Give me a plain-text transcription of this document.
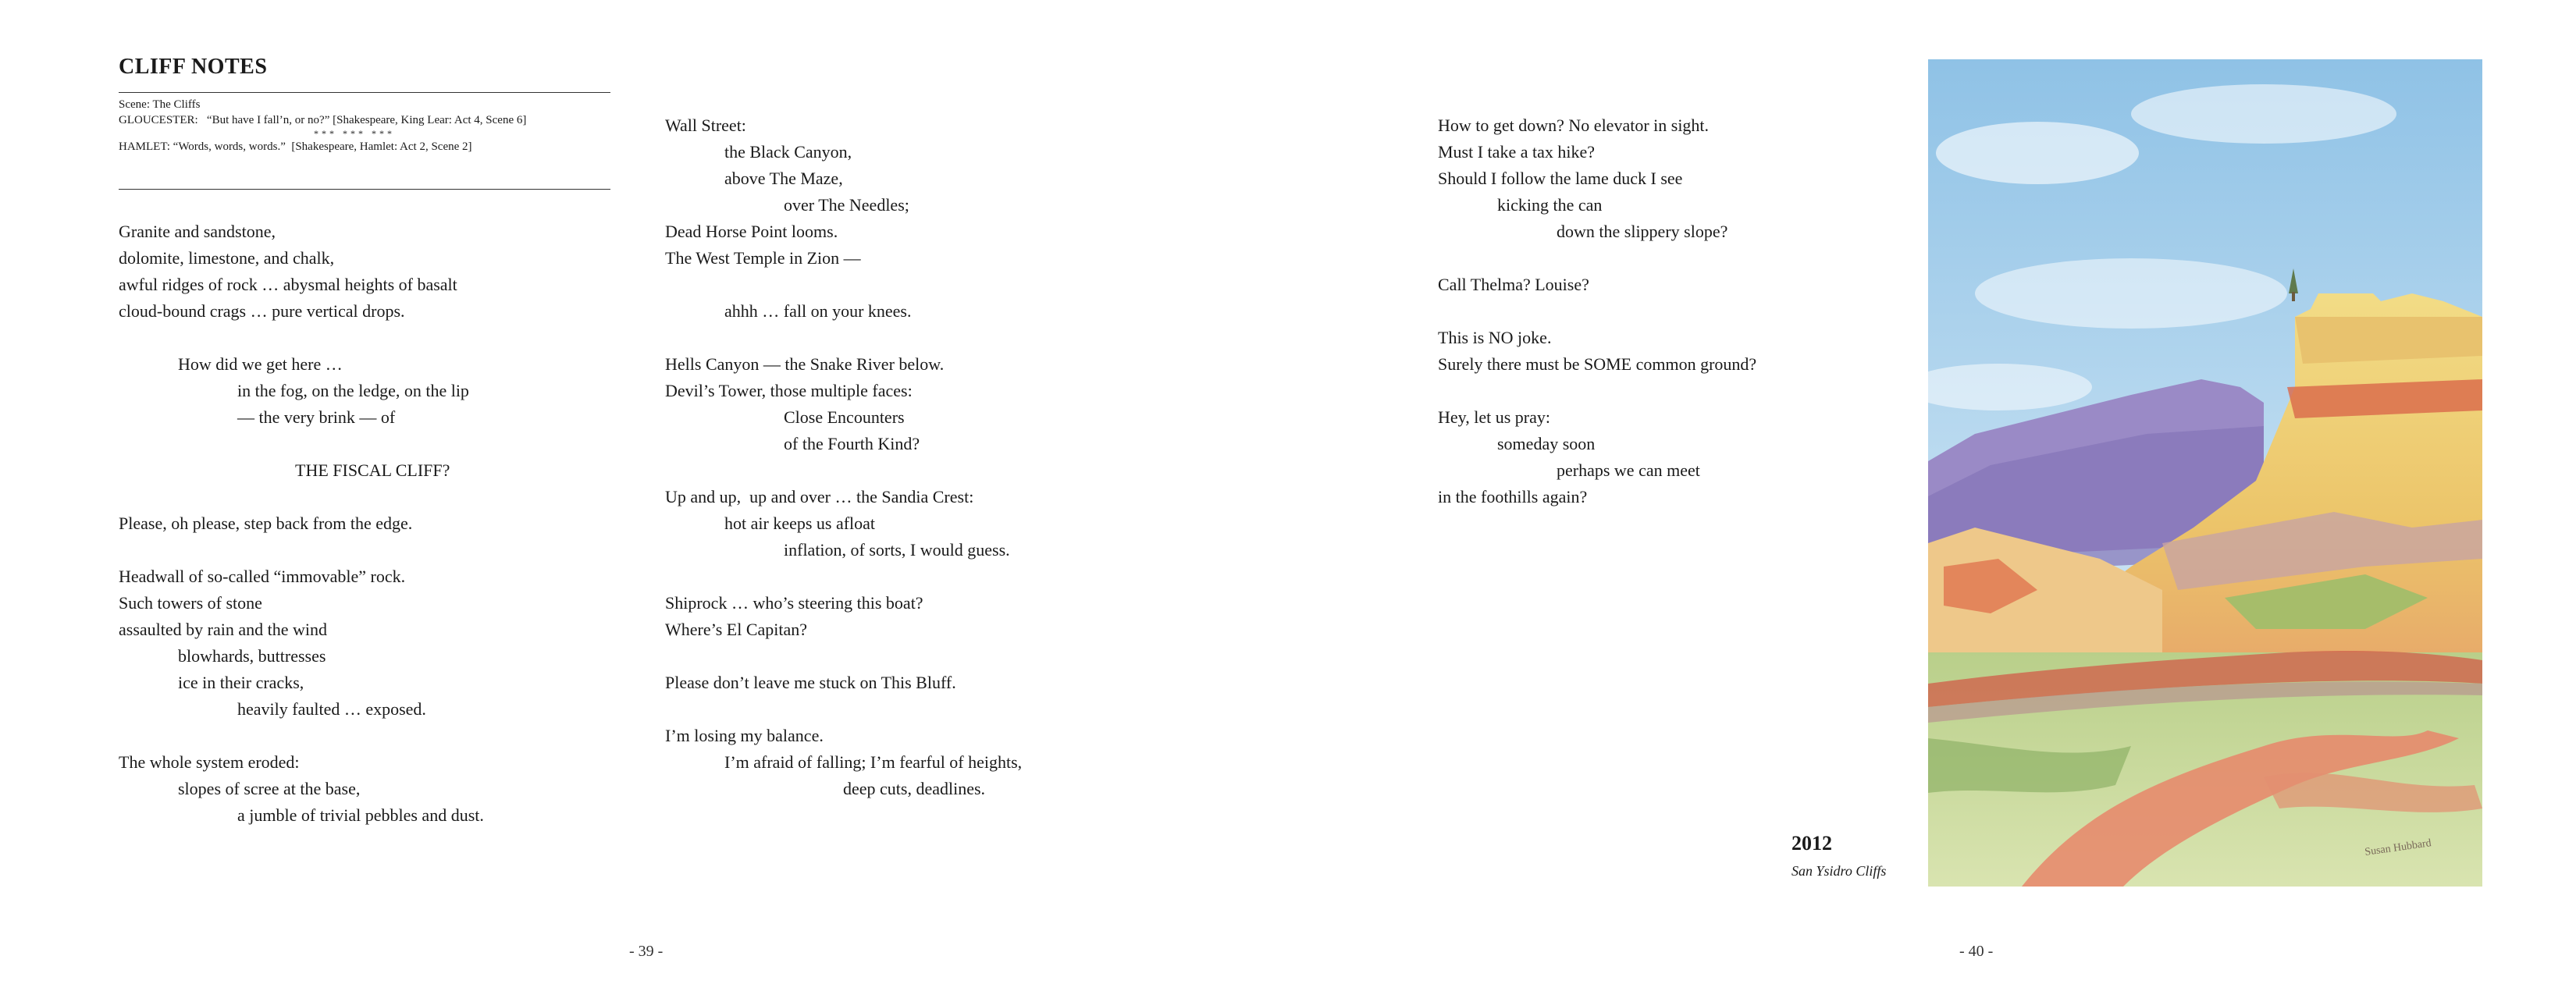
CLIFF NOTES
Scene: The Cliffs
GLOUCESTER:   “But have I fall’n, or no?” [Shakespeare, King Lear: Act 4, Scene 6]
*** *** ***
HAMLET: “Words, words, words.”  [Shakespeare, Hamlet: Act 2, Scene 2]
Granite and sandstone,
dolomite, limestone, and chalk,
awful ridges of rock … abysmal heights of basalt
cloud-bound crags … pure vertical drops.
How did we get here …
in the fog, on the ledge, on the lip
— the very brink — of
THE FISCAL CLIFF?
Please, oh please, step back from the edge.
Headwall of so-called “immovable” rock.
Such towers of stone
assaulted by rain and the wind
blowhards, buttresses
ice in their cracks,
heavily faulted … exposed.
The whole system eroded:
slopes of scree at the base,
a jumble of trivial pebbles and dust.
Wall Street:
the Black Canyon,
above The Maze,
over The Needles;
Dead Horse Point looms.
The West Temple in Zion —
ahhh … fall on your knees.
Hells Canyon — the Snake River below.
Devil’s Tower, those multiple faces:
Close Encounters
of the Fourth Kind?
Up and up,  up and over … the Sandia Crest:
hot air keeps us afloat
inflation, of sorts, I would guess.
Shiprock … who’s steering this boat?
Where’s El Capitan?
Please don’t leave me stuck on This Bluff.
I’m losing my balance.
I’m afraid of falling; I’m fearful of heights,
deep cuts, deadlines.
- 39 -
How to get down? No elevator in sight.
Must I take a tax hike?
Should I follow the lame duck I see
kicking the can
down the slippery slope?
Call Thelma? Louise?
This is NO joke.
Surely there must be SOME common ground?
Hey, let us pray:
someday soon
perhaps we can meet
in the foothills again?
2012
San Ysidro Cliffs
Susan Hubbard
- 40 -
